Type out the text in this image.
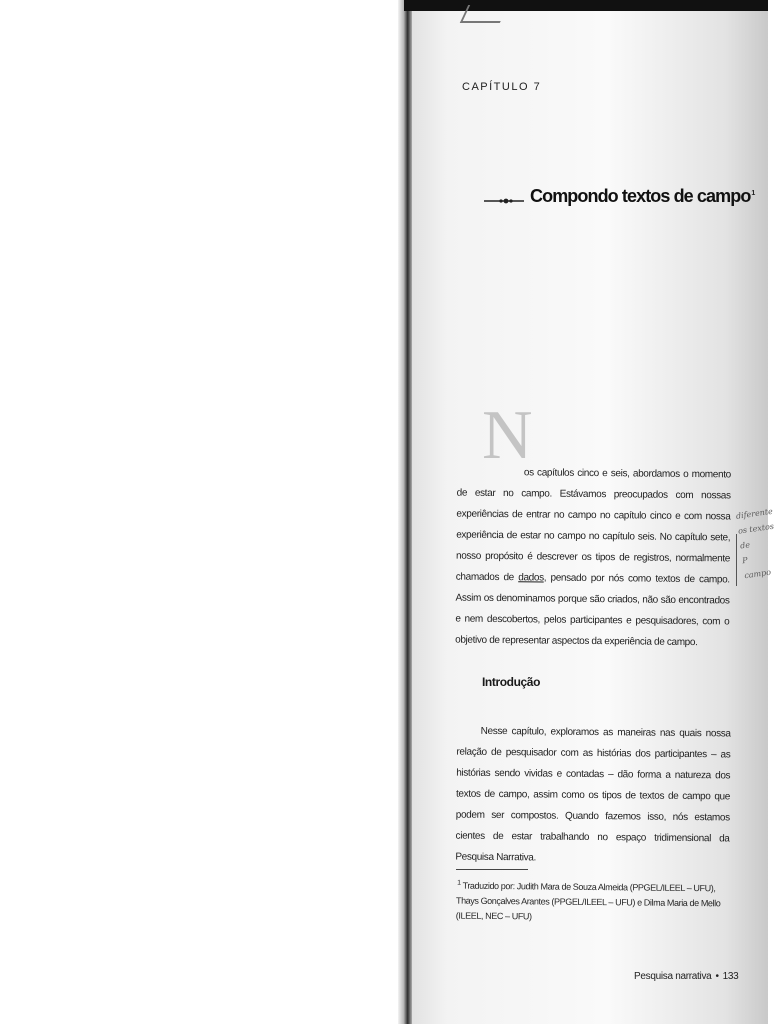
CAPÍTULO 7
Compondo textos de campo$^1$
N
os capítulos cinco e seis, abordamos o momento de estar no campo. Estávamos preocupados com nossas experiências de entrar no campo no capítulo cinco e com nossa experiência de estar no campo no capítulo seis. No capítulo sete, nosso propósito é descrever os tipos de registros, normalmente chamados de dados, pensado por nós como textos de campo. Assim os denominamos porque são criados, não são encontrados e nem descobertos, pelos participantes e pesquisadores, com o objetivo de representar aspectos da experiência de campo.
Introdução
Nesse capítulo, exploramos as maneiras nas quais nossa relação de pesquisador com as histórias dos participantes – as histórias sendo vividas e contadas – dão forma a natureza dos textos de campo, assim como os tipos de textos de campo que podem ser compostos. Quando fazemos isso, nós estamos cientes de estar trabalhando no espaço tridimensional da Pesquisa Narrativa.
$^1$ Traduzido por: Judith Mara de Souza Almeida (PPGEL/ILEEL – UFU), Thays Gonçalves Arantes (PPGEL/ILEEL – UFU) e Dilma Maria de Mello (ILEEL, NEC – UFU)
Pesquisa narrativa • 133
diferente
os textos
de
P
campo
